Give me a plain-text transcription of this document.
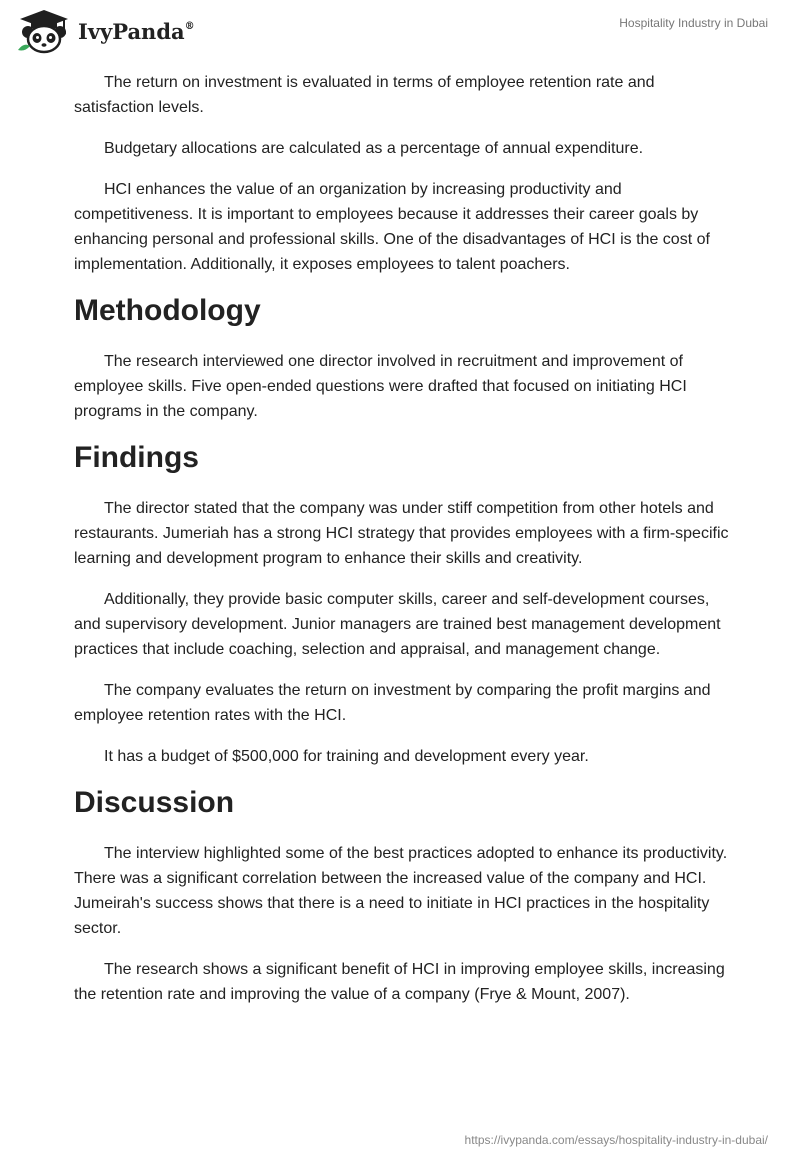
IvyPanda®	Hospitality Industry in Dubai

The return on investment is evaluated in terms of employee retention rate and satisfaction levels.

Budgetary allocations are calculated as a percentage of annual expenditure.

HCI enhances the value of an organization by increasing productivity and competitiveness. It is important to employees because it addresses their career goals by enhancing personal and professional skills. One of the disadvantages of HCI is the cost of implementation. Additionally, it exposes employees to talent poachers.

Methodology

The research interviewed one director involved in recruitment and improvement of employee skills. Five open-ended questions were drafted that focused on initiating HCI programs in the company.

Findings

The director stated that the company was under stiff competition from other hotels and restaurants. Jumeriah has a strong HCI strategy that provides employees with a firm-specific learning and development program to enhance their skills and creativity.

Additionally, they provide basic computer skills, career and self-development courses, and supervisory development. Junior managers are trained best management development practices that include coaching, selection and appraisal, and management change.

The company evaluates the return on investment by comparing the profit margins and employee retention rates with the HCI.

It has a budget of $500,000 for training and development every year.

Discussion

The interview highlighted some of the best practices adopted to enhance its productivity. There was a significant correlation between the increased value of the company and HCI. Jumeirah's success shows that there is a need to initiate in HCI practices in the hospitality sector.

The research shows a significant benefit of HCI in improving employee skills, increasing the retention rate and improving the value of a company (Frye & Mount, 2007).

https://ivypanda.com/essays/hospitality-industry-in-dubai/
